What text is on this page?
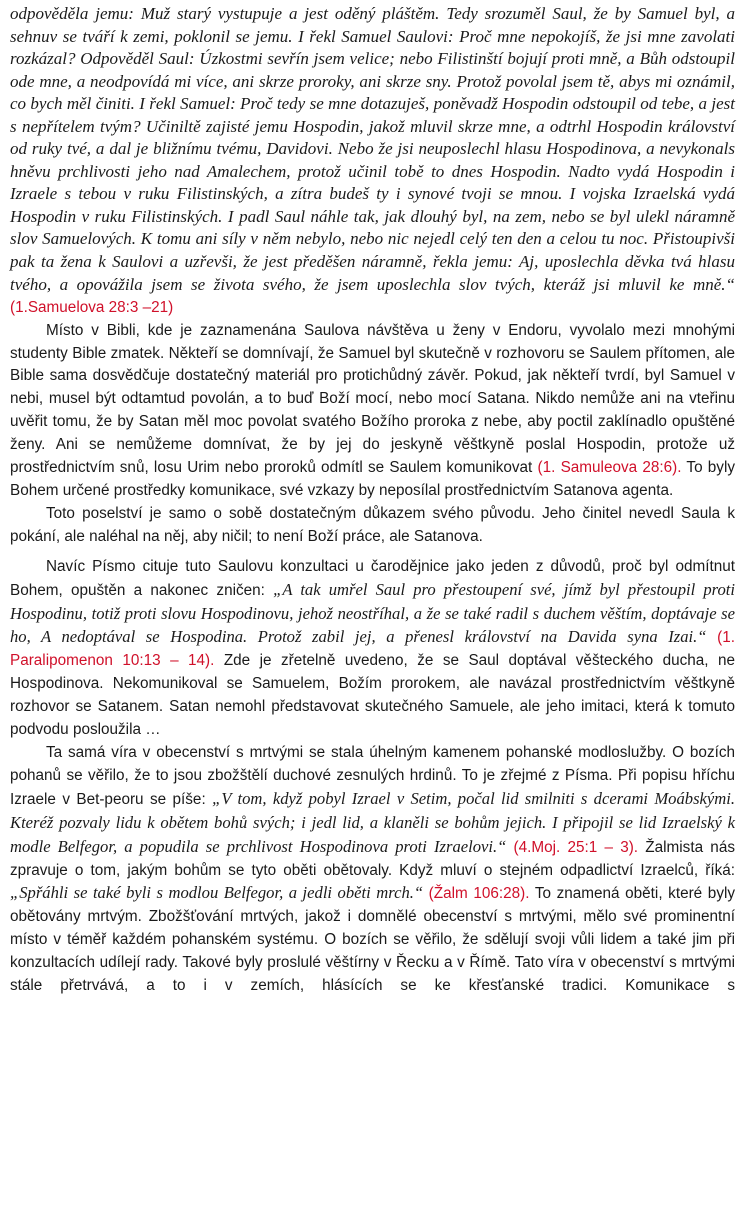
odpověděla jemu: Muž starý vystupuje a jest oděný pláštěm. Tedy srozuměl Saul, že by Samuel byl, a sehnuv se tváří k zemi, poklonil se jemu. I řekl Samuel Saulovi: Proč mne nepokojíš, že jsi mne zavolati rozkázal? Odpověděl Saul: Úzkostmi sevřín jsem velice; nebo Filistinští bojují proti mně, a Bůh odstoupil ode mne, a neodpovídá mi více, ani skrze proroky, ani skrze sny. Protož povolal jsem tě, abys mi oznámil, co bych měl činiti. I řekl Samuel: Proč tedy se mne dotazuješ, poněvadž Hospodin odstoupil od tebe, a jest s nepřítelem tvým? Učiniltě zajisté jemu Hospodin, jakož mluvil skrze mne, a odtrhl Hospodin království od ruky tvé, a dal je bližnímu tvému, Davidovi. Nebo že jsi neuposlechl hlasu Hospodinova, a nevykonals hněvu prchlivosti jeho nad Amalechem, protož učinil tobě to dnes Hospodin. Nadto vydá Hospodin i Izraele s tebou v ruku Filistinských, a zítra budeš ty i synové tvoji se mnou. I vojska Izraelská vydá Hospodin v ruku Filistinských. I padl Saul náhle tak, jak dlouhý byl, na zem, nebo se byl ulekl náramně slov Samuelových. K tomu ani síly v něm nebylo, nebo nic nejedl celý ten den a celou tu noc. Přistoupivši pak ta žena k Saulovi a uzřevši, že jest předěšen náramně, řekla jemu: Aj, uposlechla děvka tvá hlasu tvého, a opovážila jsem se života svého, že jsem uposlechla slov tvých, kteráž jsi mluvil ke mně.“ (1.Samuelova 28:3 –21)

Místo v Bibli, kde je zaznamenána Saulova návštěva u ženy v Endoru, vyvolalo mezi mnohými studenty Bible zmatek. Někteří se domnívají, že Samuel byl skutečně v rozhovoru se Saulem přítomen, ale Bible sama dosvědčuje dostatečný materiál pro protichůdný závěr. Pokud, jak někteří tvrdí, byl Samuel v nebi, musel být odtamtud povolán, a to buď Boží mocí, nebo mocí Satana. Nikdo nemůže ani na vteřinu uvěřit tomu, že by Satan měl moc povolat svatého Božího proroka z nebe, aby poctil zaklínadlo opuštěné ženy. Ani se nemůžeme domnívat, že by jej do jeskyně věštkyně poslal Hospodin, protože už prostřednictvím snů, losu Urim nebo proroků odmítl se Saulem komunikovat (1. Samuleova 28:6). To byly Bohem určené prostředky komunikace, své vzkazy by neposílal prostřednictvím Satanova agenta.

Toto poselství je samo o sobě dostatečným důkazem svého původu. Jeho činitel nevedl Saula k pokání, ale naléhal na něj, aby ničil; to není Boží práce, ale Satanova.

Navíc Písmo cituje tuto Saulovu konzultaci u čarodějnice jako jeden z důvodů, proč byl odmítnut Bohem, opuštěn a nakonec zničen: „A tak umřel Saul pro přestoupení své, jímž byl přestoupil proti Hospodinu, totiž proti slovu Hospodinovu, jehož neostříhal, a že se také radil s duchem věštím, doptávaje se ho, A nedoptával se Hospodina. Protož zabil jej, a přenesl království na Davida syna Izai.“ (1. Paralipomenon 10:13 – 14). Zde je zřetelně uvedeno, že se Saul doptával věšteckého ducha, ne Hospodinova. Nekomunikoval se Samuelem, Božím prorokem, ale navázal prostřednictvím věštkyně rozhovor se Satanem. Satan nemohl představovat skutečného Samuele, ale jeho imitaci, která k tomuto podvodu posloužila …

Ta samá víra v obecenství s mrtvými se stala úhelným kamenem pohanské modloslužby. O bozích pohanů se věřilo, že to jsou zbožštělí duchové zesnulých hrdinů. To je zřejmé z Písma. Při popisu hříchu Izraele v Bet-peoru se píše: „V tom, když pobyl Izrael v Setim, počal lid smilniti s dcerami Moábskými. Kteréž pozvaly lidu k obětem bohů svých; i jedl lid, a klaněli se bohům jejich. I připojil se lid Izraelský k modle Belfegor, a popudila se prchlivost Hospodinova proti Izraelovi.“ (4.Moj. 25:1 – 3). Žalmista nás zpravuje o tom, jakým bohům se tyto oběti obětovaly. Když mluví o stejném odpadlictví Izraelců, říká: „Spřáhli se také byli s modlou Belfegor, a jedli oběti mrch.“ (Žalm 106:28). To znamená oběti, které byly obětovány mrtvým. Zbožšťování mrtvých, jakož i domnělé obecenství s mrtvými, mělo své prominentní místo v téměř každém pohanském systému. O bozích se věřilo, že sdělují svoji vůli lidem a také jim při konzultacích udílejí rady. Takové byly proslulé věštírny v Řecku a v Římě. Tato víra v obecenství s mrtvými stále přetrvává, a to i v zemích, hlásících se ke křesťanské tradici. Komunikace s
